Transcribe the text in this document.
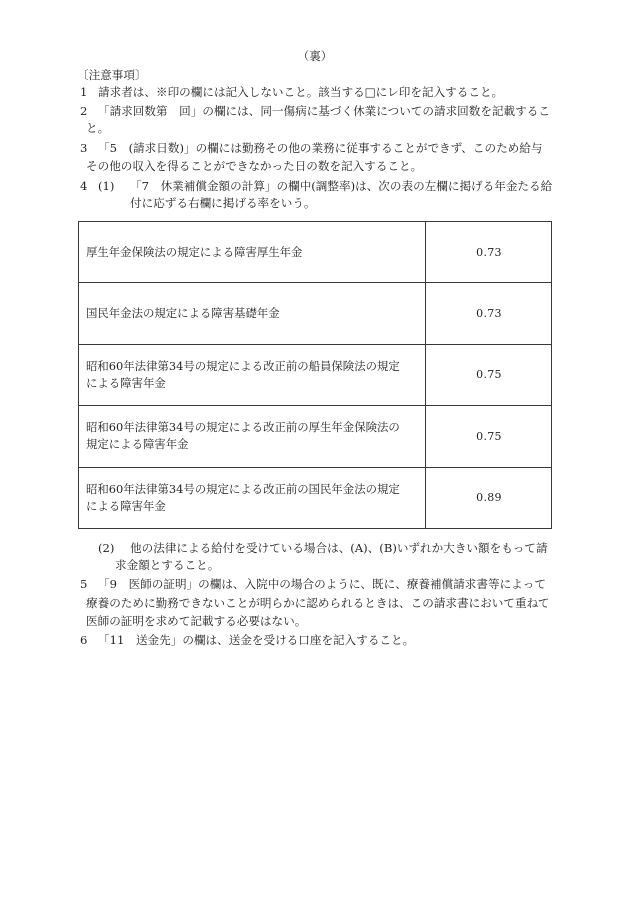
（裏）
〔注意事項〕
1 請求者は、※印の欄には記入しないこと。該当する□にレ印を記入すること。
2 「請求回数第　回」の欄には、同一傷病に基づく休業についての請求回数を記載するこ
と。
3 「5　(請求日数)」の欄には勤務その他の業務に従事することができず、このため給与
その他の収入を得ることができなかった日の数を記入すること。
4 (1) 「7　休業補償金額の計算」の欄中(調整率)は、次の表の左欄に掲げる年金たる給
付に応ずる右欄に掲げる率をいう。
厚生年金保険法の規定による障害厚生年金	0.73

国民年金法の規定による障害基礎年金	0.73

昭和60年法律第34号の規定による改正前の船員保険法の規定
による障害年金	0.75

昭和60年法律第34号の規定による改正前の厚生年金保険法の
規定による障害年金	0.75

昭和60年法律第34号の規定による改正前の国民年金法の規定
による障害年金	0.89
(2) 他の法律による給付を受けている場合は、(A)、(B)いずれか大きい額をもって請
求金額とすること。
5 「9　医師の証明」の欄は、入院中の場合のように、既に、療養補償請求書等によって
療養のために勤務できないことが明らかに認められるときは、この請求書において重ねて
医師の証明を求めて記載する必要はない。
6 「11　送金先」の欄は、送金を受ける口座を記入すること。
